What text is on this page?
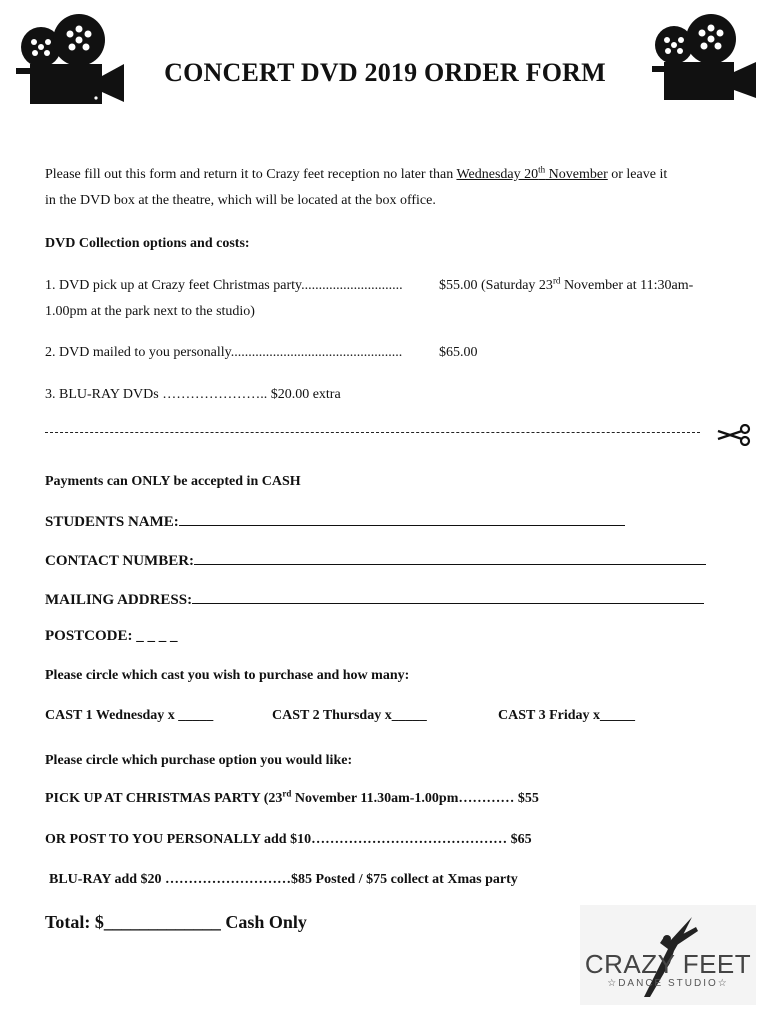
CONCERT DVD 2019 ORDER FORM
Please fill out this form and return it to Crazy feet reception no later than Wednesday 20th November or leave it
in the DVD box at the theatre, which will be located at the box office.
DVD Collection options and costs:
1. DVD pick up at Crazy feet Christmas party.............................	$55.00 (Saturday 23rd November at 11:30am-
1.00pm at the park next to the studio)
2. DVD mailed to you personally.................................................	$65.00
3. BLU-RAY DVDs ………………….. $20.00 extra
Payments can ONLY be accepted in CASH
STUDENTS NAME:
CONTACT NUMBER:
MAILING ADDRESS:
POSTCODE: _ _ _ _
Please circle which cast you wish to purchase and how many:
CAST 1 Wednesday x _____	CAST 2 Thursday x_____	CAST 3 Friday x_____
Please circle which purchase option you would like:
PICK UP AT CHRISTMAS PARTY (23rd November 11.30am-1.00pm………… $55
OR POST TO YOU PERSONALLY add $10…………………………………… $65
BLU-RAY add $20 ………………………$85 Posted / $75 collect at Xmas party
Total: $_____________ Cash Only
CRAZY FEET
☆DANCE STUDIO☆
